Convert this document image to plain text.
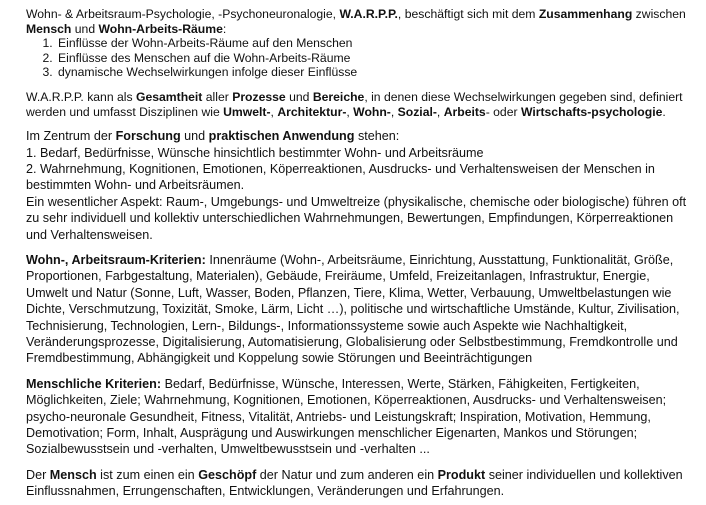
Wohn- & Arbeitsraum-Psychologie, -Psychoneuronalogie, W.A.R.P.P., beschäftigt sich mit dem Zusammenhang zwischen Mensch und Wohn-Arbeits-Räume:

1. Einflüsse der Wohn-Arbeits-Räume auf den Menschen
2. Einflüsse des Menschen auf die Wohn-Arbeits-Räume
3. dynamische Wechselwirkungen infolge dieser Einflüsse

W.A.R.P.P. kann als Gesamtheit aller Prozesse und Bereiche, in denen diese Wechselwirkungen gegeben sind, definiert werden und umfasst Disziplinen wie Umwelt-, Architektur-, Wohn-, Sozial-, Arbeits- oder Wirtschafts-psychologie.

Im Zentrum der Forschung und praktischen Anwendung stehen:

1. Bedarf, Bedürfnisse, Wünsche hinsichtlich bestimmter Wohn- und Arbeitsräume

2. Wahrnehmung, Kognitionen, Emotionen, Köperreaktionen, Ausdrucks- und Verhaltensweisen der Menschen in bestimmten Wohn- und Arbeitsräumen.

Ein wesentlicher Aspekt: Raum-, Umgebungs- und Umweltreize (physikalische, chemische oder biologische) führen oft zu sehr individuell und kollektiv unterschiedlichen Wahrnehmungen, Bewertungen, Empfindungen, Körperreaktionen und Verhaltensweisen.

Wohn-, Arbeitsraum-Kriterien: Innenräume (Wohn-, Arbeitsräume, Einrichtung, Ausstattung, Funktionalität, Größe, Proportionen, Farbgestaltung, Materialen), Gebäude, Freiräume, Umfeld, Freizeitanlagen, Infrastruktur, Energie, Umwelt und Natur (Sonne, Luft, Wasser, Boden, Pflanzen, Tiere, Klima, Wetter, Verbauung, Umweltbelastungen wie Dichte, Verschmutzung, Toxizität, Smoke, Lärm, Licht …), politische und wirtschaftliche Umstände, Kultur, Zivilisation, Technisierung, Technologien, Lern-, Bildungs-, Informationssysteme sowie auch Aspekte wie Nachhaltigkeit, Veränderungsprozesse, Digitalisierung, Automatisierung, Globalisierung oder Selbstbestimmung, Fremdkontrolle und Fremdbestimmung, Abhängigkeit und Koppelung sowie Störungen und Beeinträchtigungen

Menschliche Kriterien: Bedarf, Bedürfnisse, Wünsche, Interessen, Werte, Stärken, Fähigkeiten, Fertigkeiten, Möglichkeiten, Ziele; Wahrnehmung, Kognitionen, Emotionen, Köperreaktionen, Ausdrucks- und Verhaltensweisen; psycho-neuronale Gesundheit, Fitness, Vitalität, Antriebs- und Leistungskraft; Inspiration, Motivation, Hemmung, Demotivation; Form, Inhalt, Ausprägung und Auswirkungen menschlicher Eigenarten, Mankos und Störungen; Sozialbewusstsein und -verhalten, Umweltbewusstsein und -verhalten ...

Der Mensch ist zum einen ein Geschöpf der Natur und zum anderen ein Produkt seiner individuellen und kollektiven Einflussnahmen, Errungenschaften, Entwicklungen, Veränderungen und Erfahrungen.
